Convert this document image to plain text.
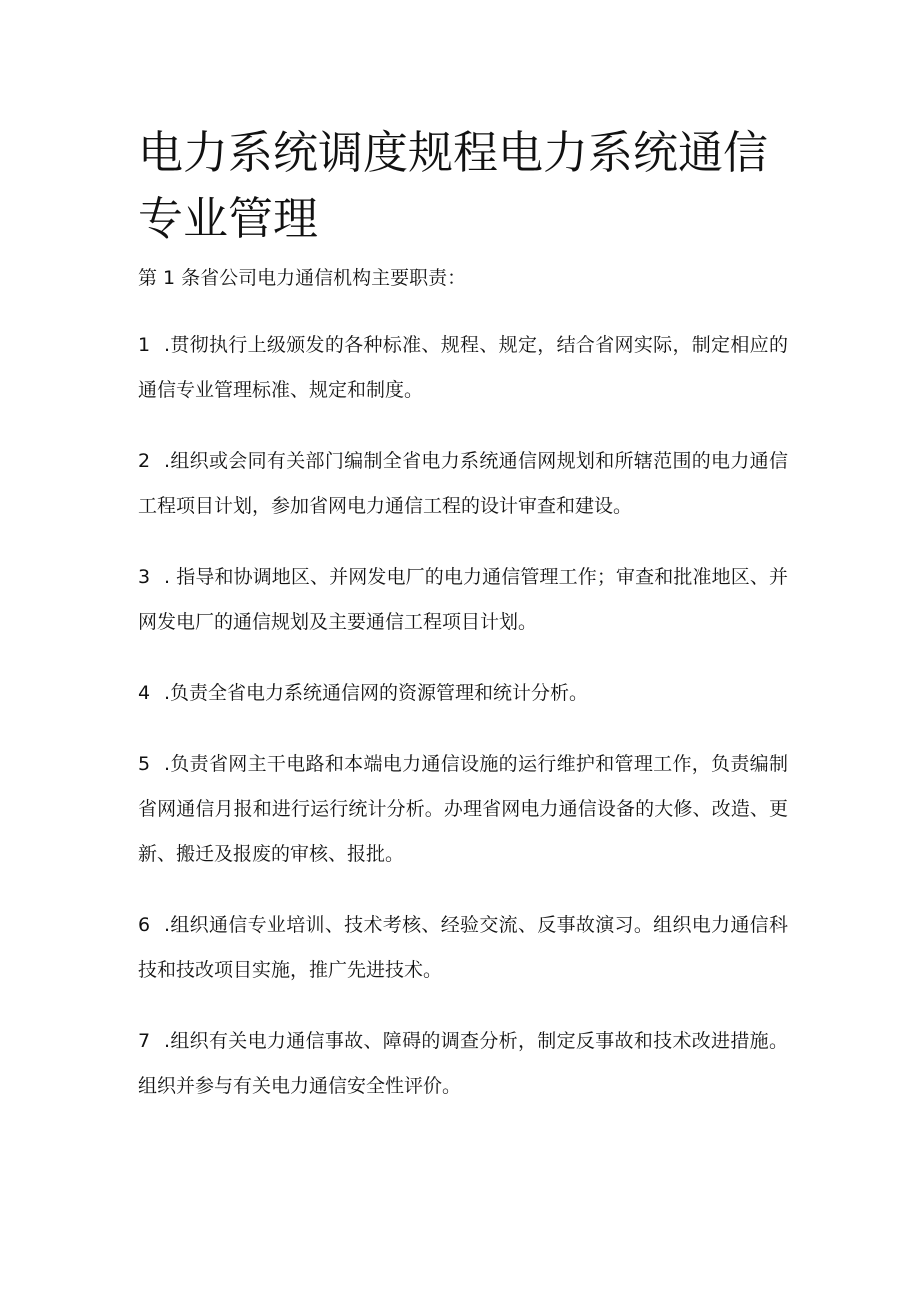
电力系统调度规程电力系统通信专业管理

第 1 条省公司电力通信机构主要职责：

1 .贯彻执行上级颁发的各种标准、规程、规定，结合省网实际，制定相应的通信专业管理标准、规定和制度。

2 .组织或会同有关部门编制全省电力系统通信网规划和所辖范围的电力通信工程项目计划，参加省网电力通信工程的设计审查和建设。

3 . 指导和协调地区、并网发电厂的电力通信管理工作；审查和批准地区、并网发电厂的通信规划及主要通信工程项目计划。

4 .负责全省电力系统通信网的资源管理和统计分析。

5 .负责省网主干电路和本端电力通信设施的运行维护和管理工作，负责编制省网通信月报和进行运行统计分析。办理省网电力通信设备的大修、改造、更新、搬迁及报废的审核、报批。

6 .组织通信专业培训、技术考核、经验交流、反事故演习。组织电力通信科技和技改项目实施，推广先进技术。

7 .组织有关电力通信事故、障碍的调查分析，制定反事故和技术改进措施。组织并参与有关电力通信安全性评价。
